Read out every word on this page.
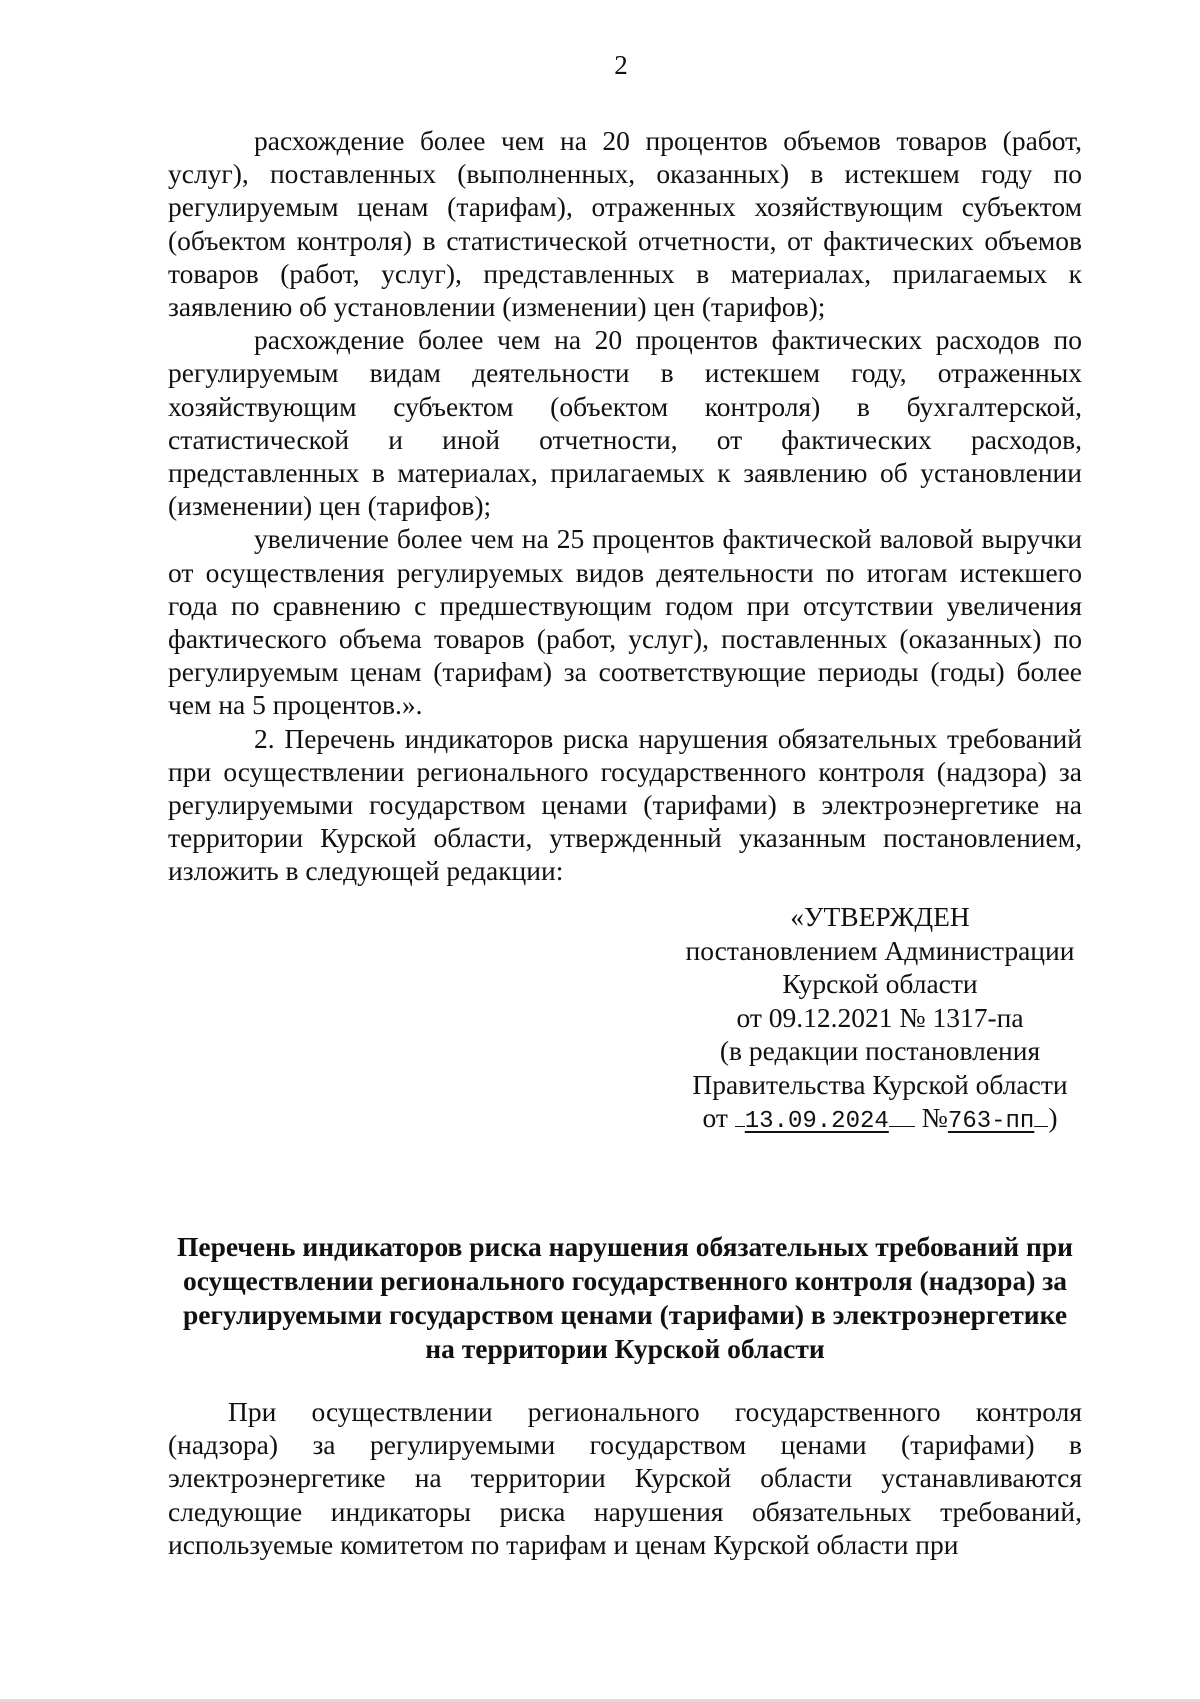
2

расхождение более чем на 20 процентов объемов товаров (работ, услуг), поставленных (выполненных, оказанных) в истекшем году по регулируемым ценам (тарифам), отраженных хозяйствующим субъектом (объектом контроля) в статистической отчетности, от фактических объемов товаров (работ, услуг), представленных в материалах, прилагаемых к заявлению об установлении (изменении) цен (тарифов);

расхождение более чем на 20 процентов фактических расходов по регулируемым видам деятельности в истекшем году, отраженных хозяйствующим субъектом (объектом контроля) в бухгалтерской, статистической и иной отчетности, от фактических расходов, представленных в материалах, прилагаемых к заявлению об установлении (изменении) цен (тарифов);

увеличение более чем на 25 процентов фактической валовой выручки от осуществления регулируемых видов деятельности по итогам истекшего года по сравнению с предшествующим годом при отсутствии увеличения фактического объема товаров (работ, услуг), поставленных (оказанных) по регулируемым ценам (тарифам) за соответствующие периоды (годы) более чем на 5 процентов.».

2. Перечень индикаторов риска нарушения обязательных требований при осуществлении регионального государственного контроля (надзора) за регулируемыми государством ценами (тарифами) в электроэнергетике на территории Курской области, утвержденный указанным постановлением, изложить в следующей редакции:

«УТВЕРЖДЕН
постановлением Администрации
Курской области
от 09.12.2021 № 1317-па
(в редакции постановления
Правительства Курской области
от 13.09.2024 №763-пп )
Перечень индикаторов риска нарушения обязательных требований при осуществлении регионального государственного контроля (надзора) за регулируемыми государством ценами (тарифами) в электроэнергетике на территории Курской области

При осуществлении регионального государственного контроля (надзора) за регулируемыми государством ценами (тарифами) в электроэнергетике на территории Курской области устанавливаются следующие индикаторы риска нарушения обязательных требований, используемые комитетом по тарифам и ценам Курской области при
